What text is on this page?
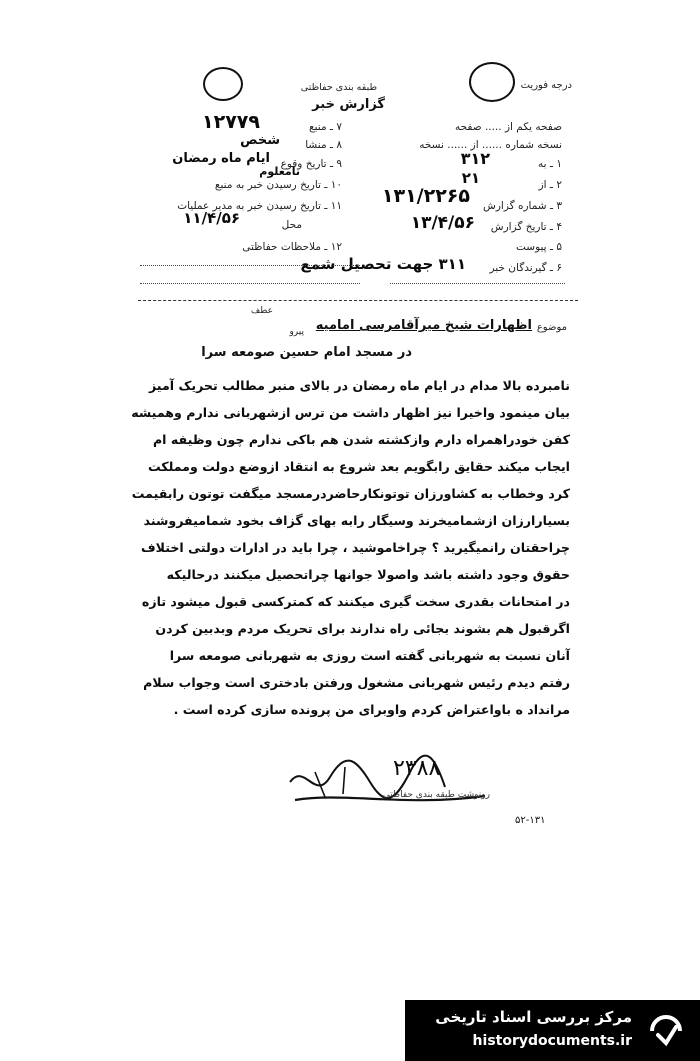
درجه فوریت
طبقه بندی حفاظتی
گزارش خبر
صفحه یکم از ..... صفحه
نسخه شماره ...... از ...... نسخه
۱ ـ به
۳۱۲
۲ ـ از
۲۱
۳ ـ شماره گزارش
۱۳۱/۲۲۶۵
۴ ـ تاریخ گزارش
۱۳/۴/۵۶
۵ ـ پیوست
۶ ـ گیرندگان خبر
۳۱۱ جهت تحصیل شمع
۷ ـ منبع
۱۲۷۷۹
۸ ـ منشا
شخص
۹ ـ تاریخ وقوع
ایام ماه رمضان
۱۰ ـ تاریخ رسیدن خبر به منبع
نامعلوم
۱۱ ـ تاریخ رسیدن خبر به مدیر عملیات
محل
۱۱/۴/۵۶
۱۲ ـ ملاحظات حفاظتی
عطف
پیرو	موضوع
اظهارات شیخ میرآقامرسی امامیه
در مسجد امام حسین صومعه سرا
نامبرده بالا مدام در ایام ماه رمضان در بالای منبر مطالب تحریک آمیز
بیان مینمود واخیرا نیز اظهار داشت من ترس ازشهربانی ندارم وهمیشه
کفن خودراهمراه دارم وازکشته شدن هم باکی ندارم چون وظیفه ام
ایجاب میکند حقایق رابگویم بعد شروع به انتقاد ازوضع دولت ومملکت
کرد وخطاب به کشاورزان توتونکارحاضردرمسجد میگفت توتون رابقیمت
بسیارارزان ازشمامیخرند وسیگار رابه بهای گزاف بخود شمامیفروشند
چراحقتان رانمیگیرید ؟ چراخاموشید ، چرا باید در ادارات دولتی اختلاف
حقوق وجود داشته باشد واصولا جوانها چراتحصیل میکنند درحالیکه
در امتحانات بقدری سخت گیری میکنند که کمترکسی قبول میشود تازه
اگرقبول هم بشوند بجائی راه ندارند برای تحریک مردم وبدبین کردن
آنان نسبت به شهربانی گفته است روزی به شهربانی صومعه سرا
رفتم دیدم رئیس شهربانی مشغول ورفتن بادختری است وجواب سلام
مرانداد ه باواعتراض کردم واوبرای من پرونده سازی کرده است .
۲۳۸۸
رونوشت طبقه بندی حفاظتی
۵۲-۱۳۱
مرکز بررسی اسناد تاریخی
historydocuments.ir
